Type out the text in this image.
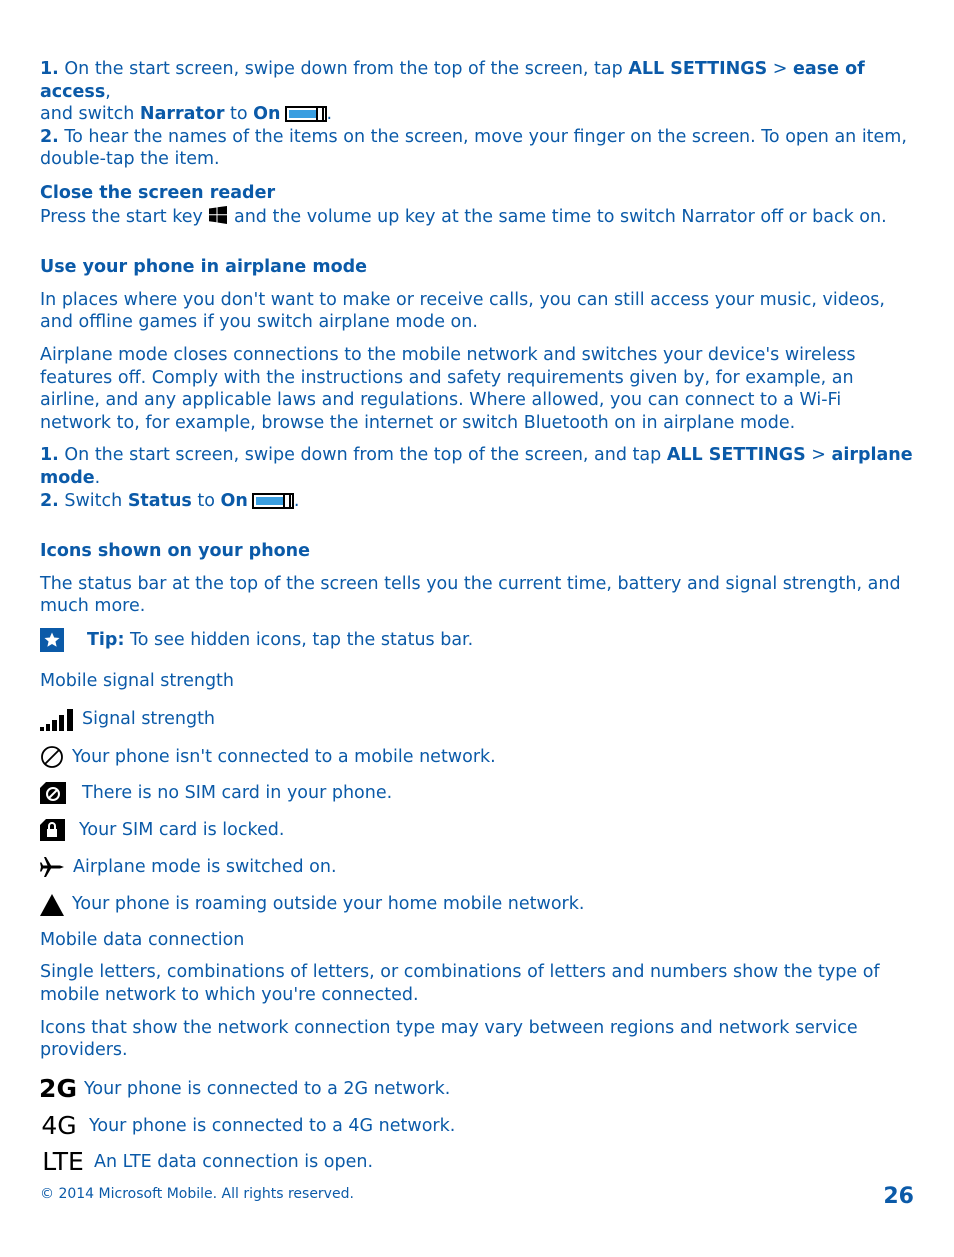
1. On the start screen, swipe down from the top of the screen, tap ALL SETTINGS > ease of access,
and switch Narrator to On	.

2. To hear the names of the items on the screen, move your finger on the screen. To open an item, double-tap the item.

Close the screen reader

Press the start key  and the volume up key at the same time to switch Narrator off or back on.

Use your phone in airplane mode

In places where you don't want to make or receive calls, you can still access your music, videos, and offline games if you switch airplane mode on.

Airplane mode closes connections to the mobile network and switches your device's wireless features off. Comply with the instructions and safety requirements given by, for example, an airline, and any applicable laws and regulations. Where allowed, you can connect to a Wi-Fi network to, for example, browse the internet or switch Bluetooth on in airplane mode.

1. On the start screen, swipe down from the top of the screen, and tap ALL SETTINGS > airplane mode.

2. Switch Status to On	.

Icons shown on your phone

The status bar at the top of the screen tells you the current time, battery and signal strength, and much more.

Tip: To see hidden icons, tap the status bar.

Mobile signal strength

Signal strength
Your phone isn't connected to a mobile network.
There is no SIM card in your phone.
Your SIM card is locked.
Airplane mode is switched on.
Your phone is roaming outside your home mobile network.

Mobile data connection

Single letters, combinations of letters, or combinations of letters and numbers show the type of mobile network to which you're connected.

Icons that show the network connection type may vary between regions and network service providers.

2G Your phone is connected to a 2G network.
4G Your phone is connected to a 4G network.
LTE An LTE data connection is open.
© 2014 Microsoft Mobile. All rights reserved.	26
